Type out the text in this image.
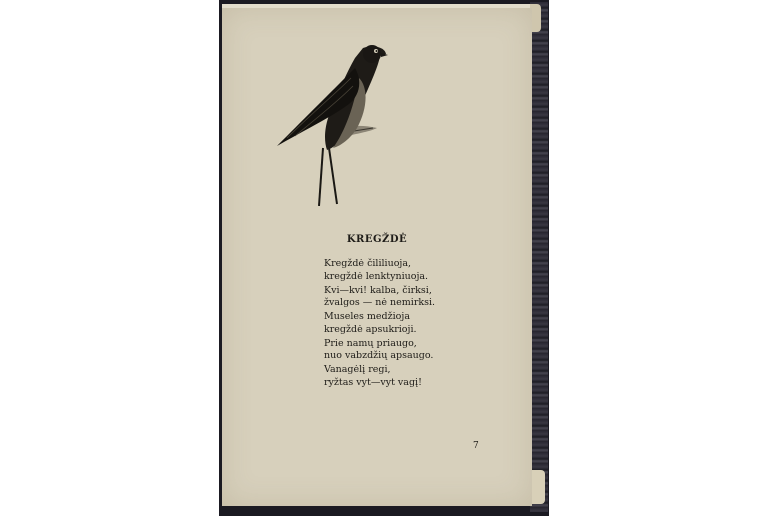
KREGŽDĖ
Kregždė čililiuoja,
kregždė lenktyniuoja.
Kvi—kvi! kalba, čirksi,
žvalgos — nė nemirksi.
Museles medžioja
kregždė apsukrioji.
Prie namų priaugo,
nuo vabzdžių apsaugo.
Vanagėlį regi,
ryžtas vyt—vyt vagį!
7
